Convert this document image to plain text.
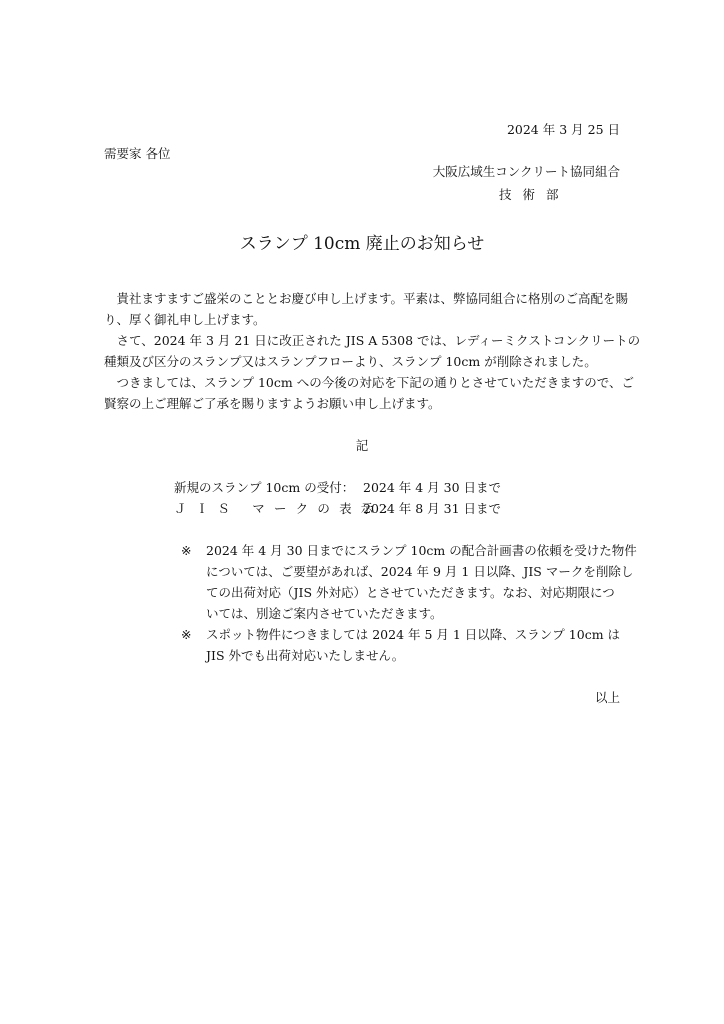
2024 年 3 月 25 日
需要家 各位
大阪広域生コンクリート協同組合
技術部
スランプ 10cm 廃止のお知らせ
　貴社ますますご盛栄のこととお慶び申し上げます。平素は、弊協同組合に格別のご高配を賜
り、厚く御礼申し上げます。
　さて、2024 年 3 月 21 日に改正された JIS A 5308 では、レディーミクストコンクリートの
種類及び区分のスランプ又はスランプフローより、スランプ 10cm が削除されました。
　つきましては、スランプ 10cm への今後の対応を下記の通りとさせていただきますので、ご
賢察の上ご理解ご了承を賜りますようお願い申し上げます。
記
新規のスランプ 10cm の受付： 2024 年 4 月 30 日まで
ＪＩＳ マークの表示：
2024 年 8 月 31 日まで
※ 2024 年 4 月 30 日までにスランプ 10cm の配合計画書の依頼を受けた物件
については、ご要望があれば、2024 年 9 月 1 日以降、JIS マークを削除し
ての出荷対応（JIS 外対応）とさせていただきます。なお、対応期限につ
いては、別途ご案内させていただきます。
※ スポット物件につきましては 2024 年 5 月 1 日以降、スランプ 10cm は
JIS 外でも出荷対応いたしません。
以上
